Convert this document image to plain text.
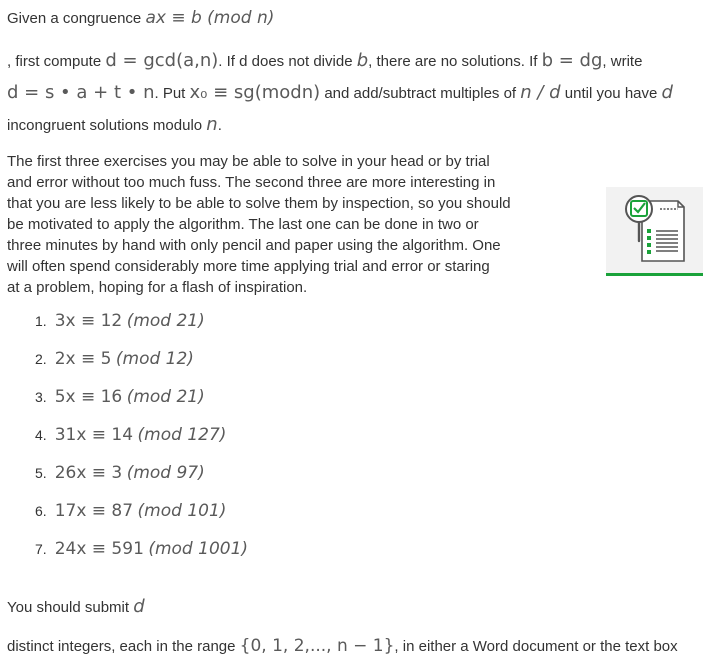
Given a congruence ax ≡ b (mod n)
, first compute d = gcd(a,n). If d does not divide b, there are no solutions. If b = dg, write
d = s • a + t • n. Put x₀ ≡ sg(modn) and add/subtract multiples of n / d until you have d
incongruent solutions modulo n.
The first three exercises you may be able to solve in your head or by trial
and error without too much fuss. The second three are more interesting in
that you are less likely to be able to solve them by inspection, so you should
be motivated to apply the algorithm. The last one can be done in two or
three minutes by hand with only pencil and paper using the algorithm. One
will often spend considerably more time applying trial and error or staring
at a problem, hoping for a flash of inspiration.
1. 3x ≡ 12 (mod 21)
2. 2x ≡ 5 (mod 12)
3. 5x ≡ 16 (mod 21)
4. 31x ≡ 14 (mod 127)
5. 26x ≡ 3 (mod 97)
6. 17x ≡ 87 (mod 101)
7. 24x ≡ 591 (mod 1001)
You should submit d
distinct integers, each in the range {0, 1, 2,..., n − 1}, in either a Word document or the text box
